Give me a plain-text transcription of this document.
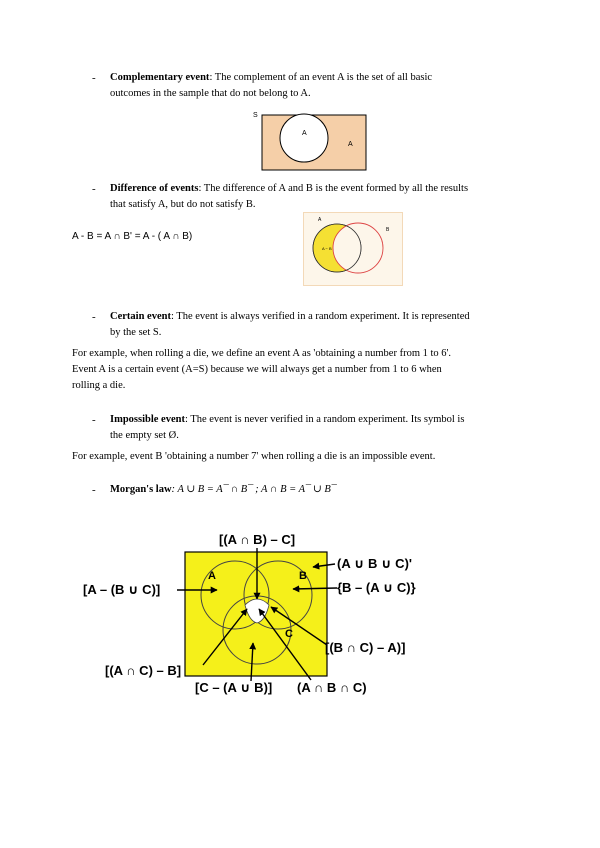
- Complementary event: The complement of an event A is the set of all basic
outcomes in the sample that do not belong to A.
S
A
A
- Difference of events: The difference of A and B is the event formed by all the results
that satisfy A, but do not satisfy B.
A - B = A ∩ B' = A - ( A ∩ B)
A
B
A − B
- Certain event: The event is always verified in a random experiment. It is represented
by the set S.
For example, when rolling a die, we define an event A as 'obtaining a number from 1 to 6'.
Event A is a certain event (A=S) because we will always get a number from 1 to 6 when
rolling a die.
- Impossible event: The event is never verified in a random experiment. Its symbol is
the empty set Ø.
For example, event B 'obtaining a number 7' when rolling a die is an impossible event.
- Morgan's law: A ∪ B = A¯ ∩ B¯ ; A ∩ B = A¯ ∪ B¯
A	B
C
[(A ∩ B) – C]
(A ∪ B ∪ C)'
{B – (A ∪ C)}
[A – (B ∪ C)]
[(B ∩ C) – A)]
[(A ∩ C) – B]
[C – (A ∪ B)] (A ∩ B ∩ C)
